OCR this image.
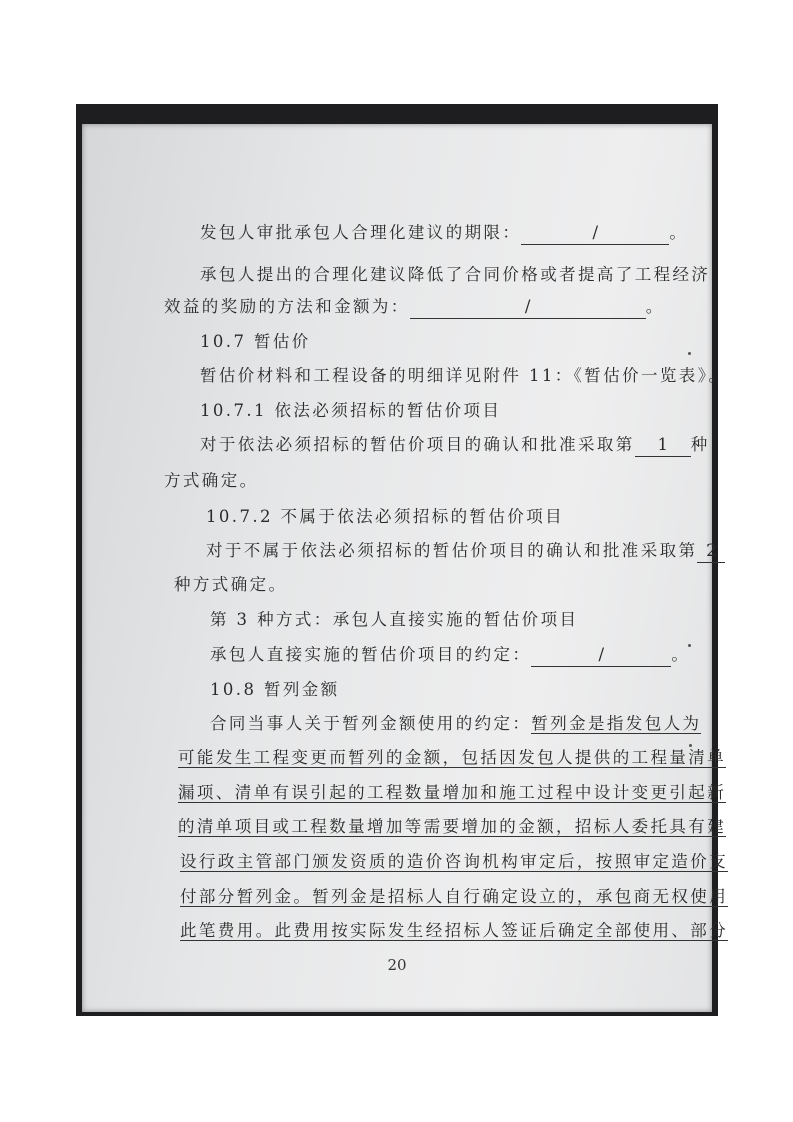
发包人审批承包人合理化建议的期限：	/	。
承包人提出的合理化建议降低了合同价格或者提高了工程经济
效益的奖励的方法和金额为：	/	。
10.7 暂估价
暂估价材料和工程设备的明细详见附件 11：《暂估价一览表》。
10.7.1 依法必须招标的暂估价项目
对于依法必须招标的暂估价项目的确认和批准采取第 1 种
方式确定。
10.7.2 不属于依法必须招标的暂估价项目
对于不属于依法必须招标的暂估价项目的确认和批准采取第 2
种方式确定。
第 3 种方式：承包人直接实施的暂估价项目
承包人直接实施的暂估价项目的约定：	/	。
10.8 暂列金额
合同当事人关于暂列金额使用的约定：暂列金是指发包人为
可能发生工程变更而暂列的金额，包括因发包人提供的工程量清单
漏项、清单有误引起的工程数量增加和施工过程中设计变更引起新
的清单项目或工程数量增加等需要增加的金额，招标人委托具有建
设行政主管部门颁发资质的造价咨询机构审定后，按照审定造价支
付部分暂列金。暂列金是招标人自行确定设立的，承包商无权使用
此笔费用。此费用按实际发生经招标人签证后确定全部使用、部分
20
